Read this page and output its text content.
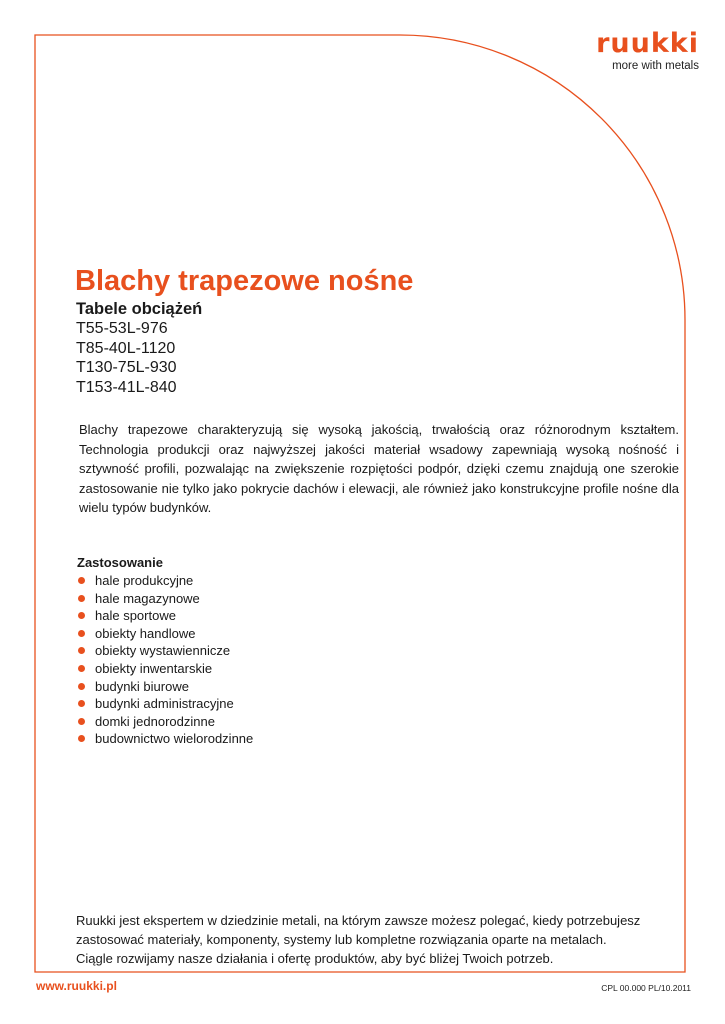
ruukki
more with metals
Blachy trapezowe nośne
Tabele obciążeń
T55-53L-976
T85-40L-1120
T130-75L-930
T153-41L-840

Blachy trapezowe charakteryzują się wysoką jakością, trwałością oraz różnorodnym kształtem. Technologia produkcji oraz najwyższej jakości materiał wsadowy zapewniają wysoką nośność i sztywność profili, pozwalając na zwiększenie rozpiętości podpór, dzięki czemu znajdują one szerokie zastosowanie nie tylko jako pokrycie dachów i elewacji, ale również jako konstrukcyjne profile nośne dla wielu typów budynków.

Zastosowanie
hale produkcyjne
hale magazynowe
hale sportowe
obiekty handlowe
obiekty wystawiennicze
obiekty inwentarskie
budynki biurowe
budynki administracyjne
domki jednorodzinne
budownictwo wielorodzinne

Ruukki jest ekspertem w dziedzinie metali, na którym zawsze możesz polegać, kiedy potrzebujesz
zastosować materiały, komponenty, systemy lub kompletne rozwiązania oparte na metalach.
Ciągle rozwijamy nasze działania i ofertę produktów, aby być bliżej Twoich potrzeb.

www.ruukki.pl	CPL 00.000 PL/10.2011
